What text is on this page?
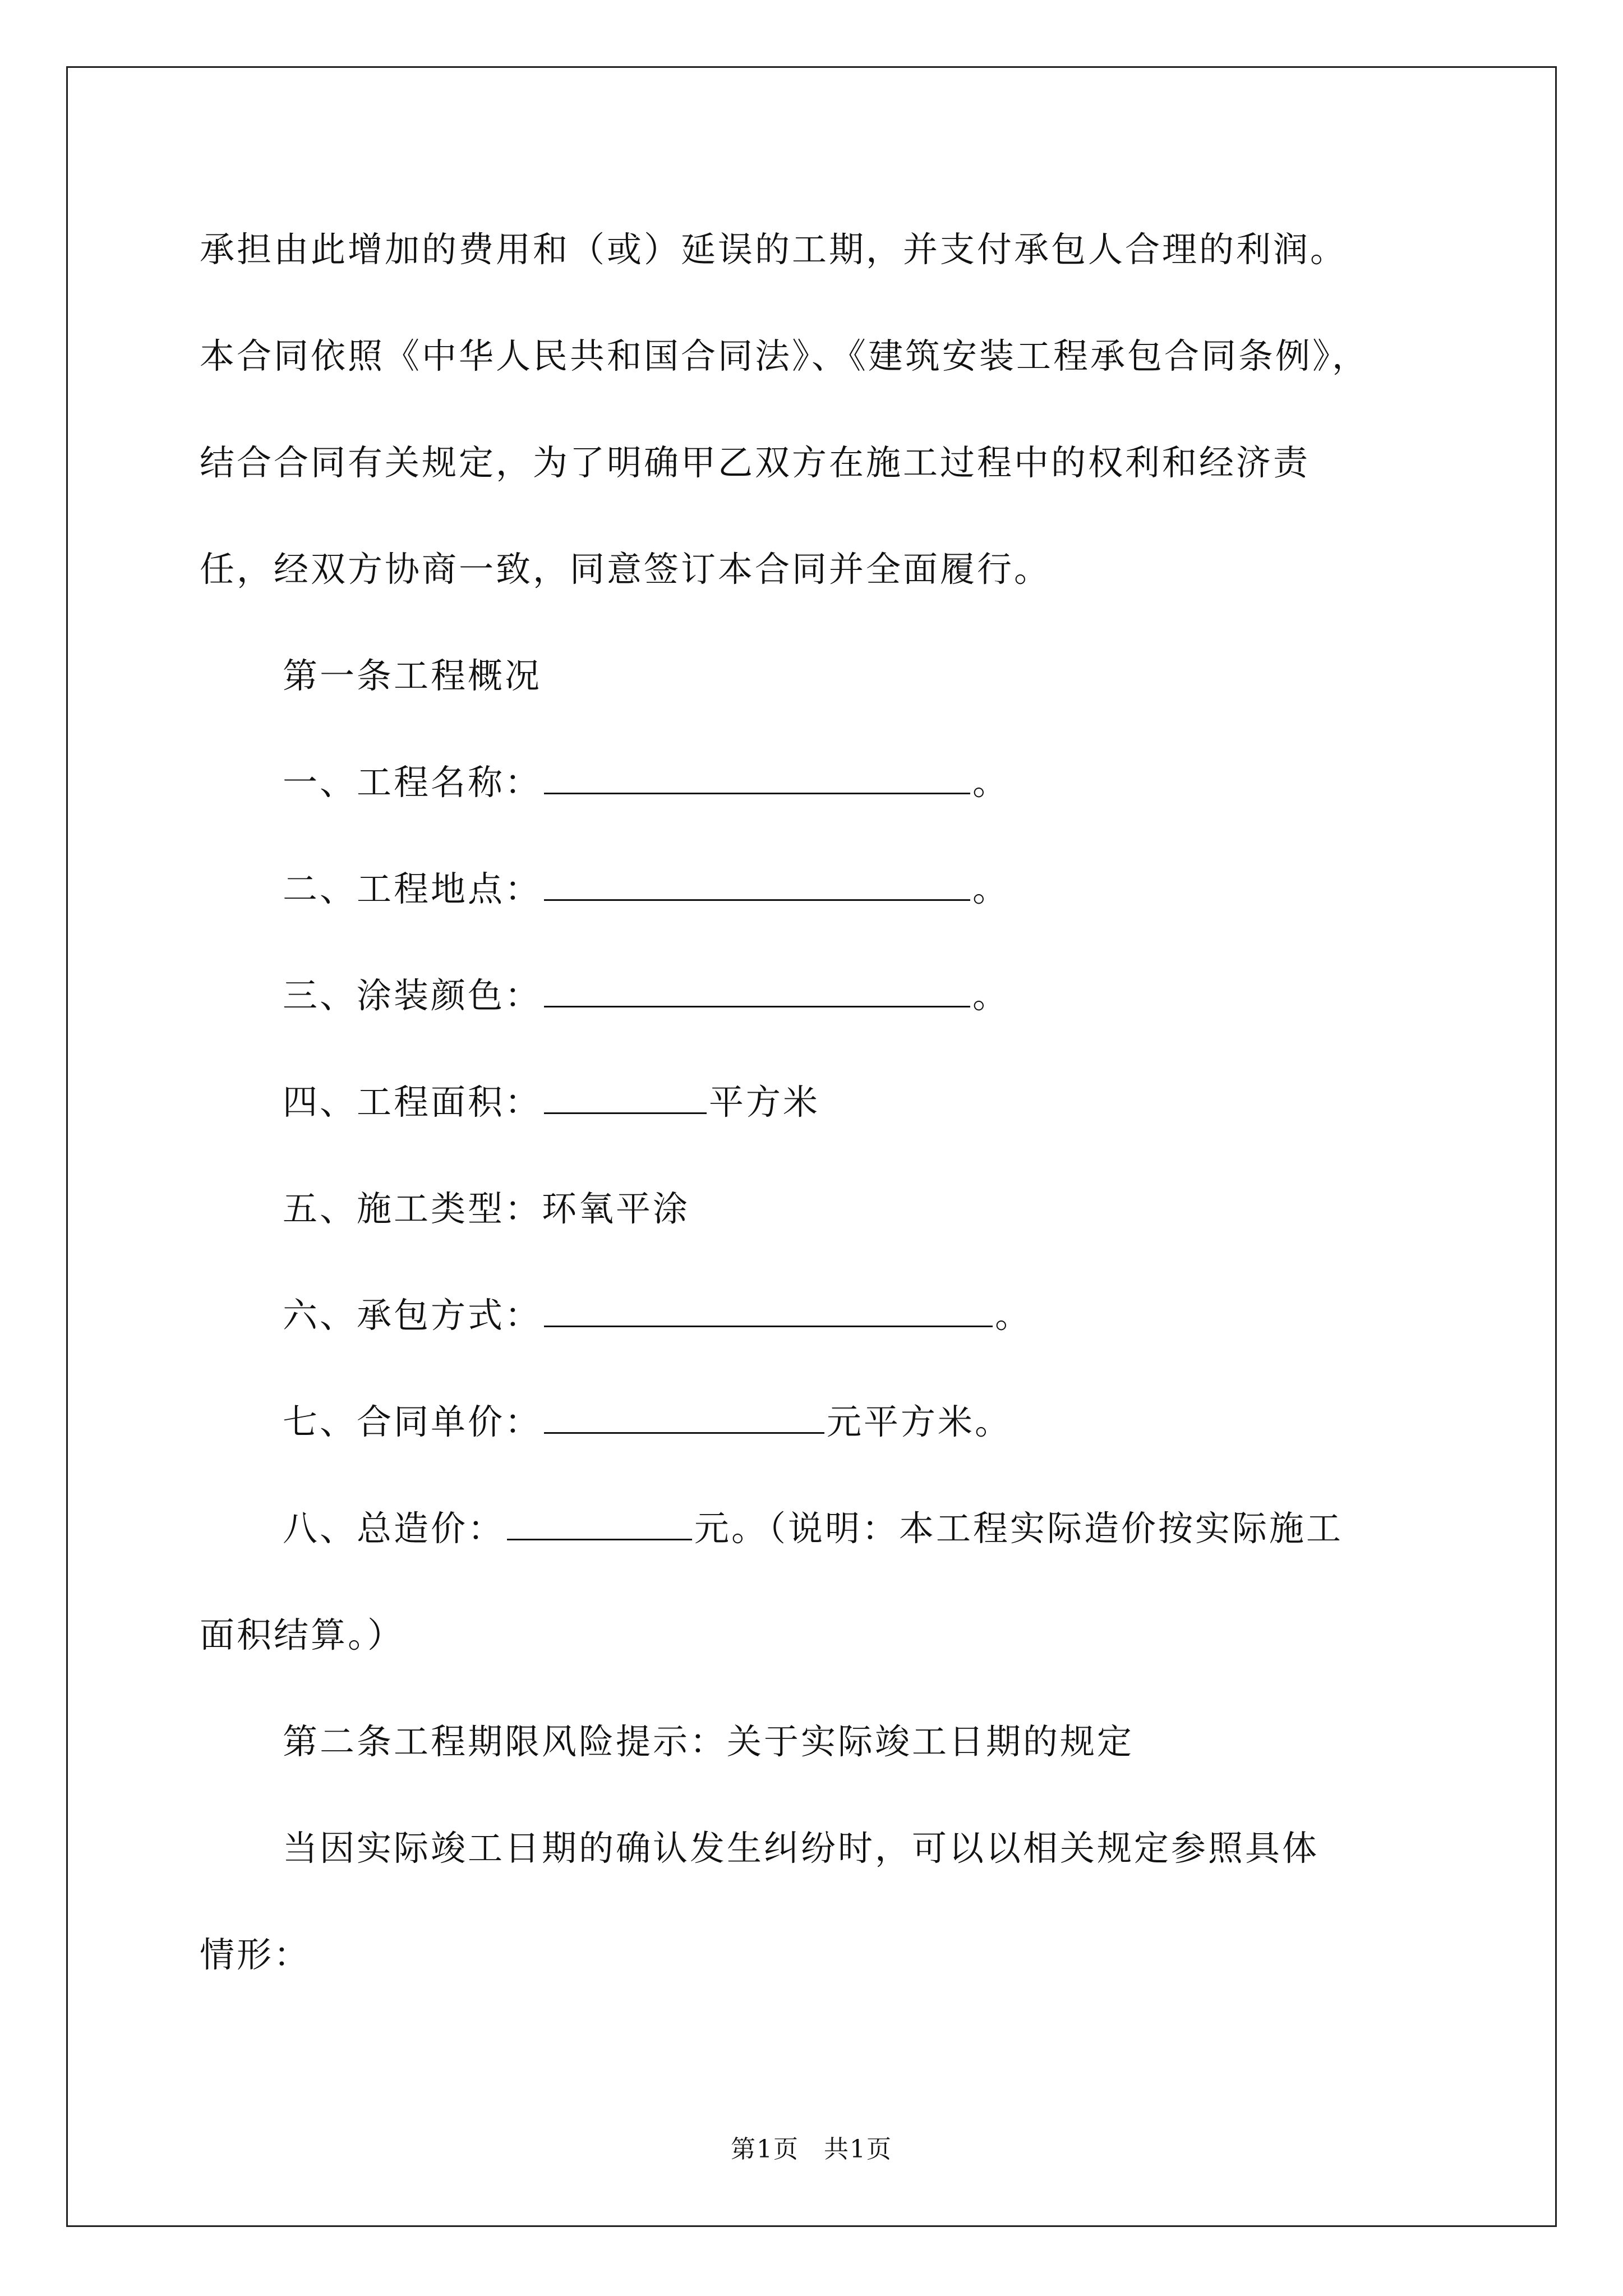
承担由此增加的费用和（或）延误的工期，并支付承包人合理的利润。
本合同依照《中华人民共和国合同法》、《建筑安装工程承包合同条例》，
结合合同有关规定，为了明确甲乙双方在施工过程中的权利和经济责
任，经双方协商一致，同意签订本合同并全面履行。
第一条工程概况
一、工程名称：	。
二、工程地点：	。
三、涂装颜色：	。
四、工程面积：	平方米
五、施工类型：环氧平涂
六、承包方式：	。
七、合同单价：	元平方米。
八、总造价：	元。（说明：本工程实际造价按实际施工
面积结算。）
第二条工程期限风险提示：关于实际竣工日期的规定
当因实际竣工日期的确认发生纠纷时，可以以相关规定参照具体
情形：
第1页 共1页
